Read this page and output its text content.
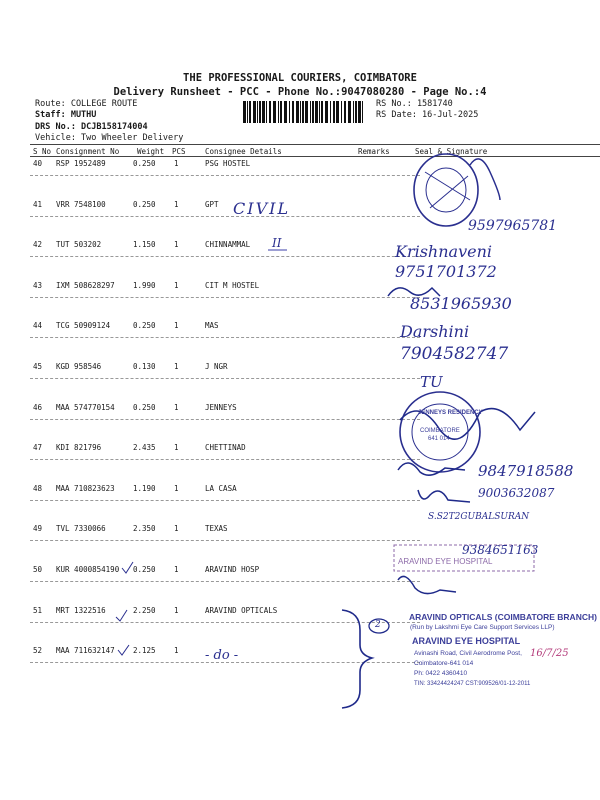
THE PROFESSIONAL COURIERS, COIMBATORE
Delivery Runsheet - PCC - Phone No.:9047080280 - Page No.:4
Route: COLLEGE ROUTE
Staff: MUTHU
DRS No.: DCJB158174004
Vehicle: Two Wheeler Delivery
RS No.: 1581740
RS Date: 16-Jul-2025
S No Consignment No Weight PCS	Consignee Details	Remarks	Seal & Signature
40 RSP 1952489	0.250 1	PSG HOSTEL
41 VRR 7548100	0.250 1	GPT
42 TUT 503202	1.150 1	CHINNAMMAL
43 IXM 508628297 1.990 1	CIT M HOSTEL
44 TCG 50909124	0.250 1	MAS
45 KGD 958546	0.130 1	J NGR
46 MAA 574770154 0.250 1	JENNEYS
47 KDI 821796	2.435 1	CHETTINAD
48 MAA 710823623 1.190 1	LA CASA
49 TVL 7330066	2.350 1	TEXAS
50 KUR 4000854190 0.250 1	ARAVIND HOSP
51 MRT 1322516	2.250 1	ARAVIND OPTICALS
52 MAA 711632147 2.125 1
CIVIL
II
- do -
9597965781
Krishnaveni
9751701372
8531965930
Darshini
7904582747
TU
9847918588
9003632087
S.S2T2GUBALSURAN
9384651163
2
JENNEYS RESIDENCY
COIMBATORE
641 014
ARAVIND EYE HOSPITAL
ARAVIND OPTICALS (COIMBATORE BRANCH)
(Run by Lakshmi Eye Care Support Services LLP)
ARAVIND EYE HOSPITAL
Avinashi Road, Civil Aerodrome Post,
Coimbatore-641 014
Ph: 0422 4360410
TIN: 33424424247 CST:909526/01-12-2011
16/7/25
